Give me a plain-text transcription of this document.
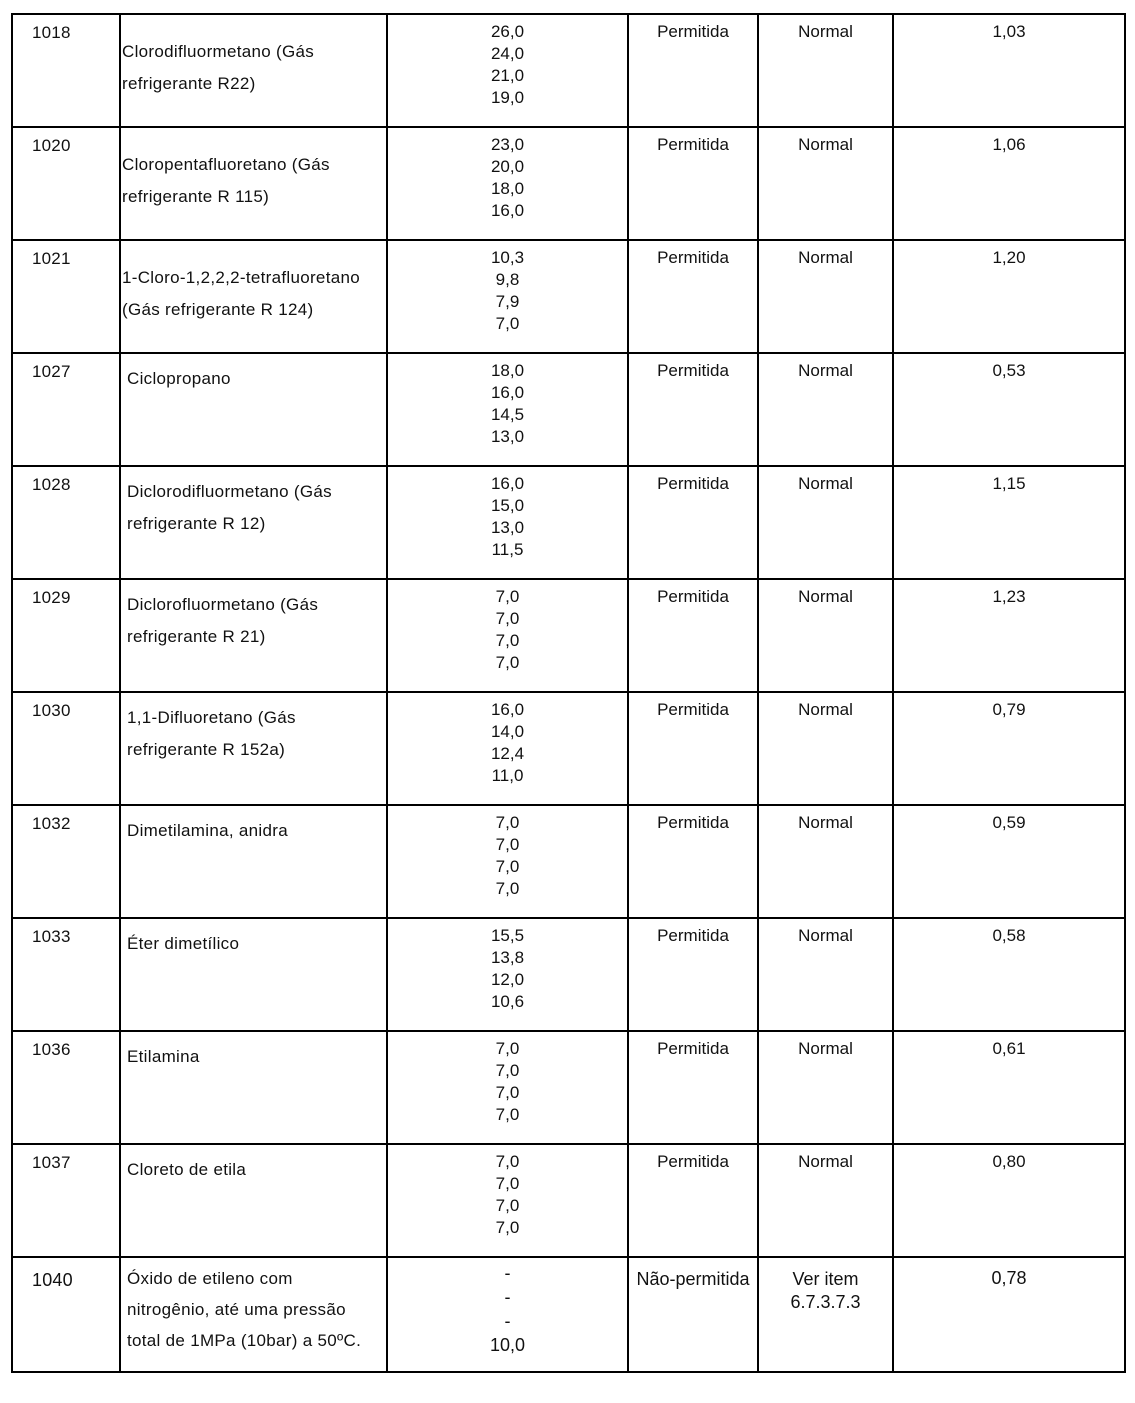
1018	Clorodifluormetano (Gás refrigerante R22)	26,0
24,0
21,0
19,0	Permitida	Normal	1,03

1020	Cloropentafluoretano (Gás refrigerante R 115)	23,0
20,0
18,0
16,0	Permitida	Normal	1,06

1021	1-Cloro-1,2,2,2-tetrafluoretano (Gás refrigerante R 124)	10,3
9,8
7,9
7,0	Permitida	Normal	1,20

1027	Ciclopropano	18,0
16,0
14,5
13,0	Permitida	Normal	0,53

1028	Diclorodifluormetano (Gás refrigerante R 12)	16,0
15,0
13,0
11,5	Permitida	Normal	1,15

1029	Diclorofluormetano (Gás refrigerante R 21)	7,0
7,0
7,0
7,0	Permitida	Normal	1,23

1030	1,1-Difluoretano (Gás refrigerante R 152a)	16,0
14,0
12,4
11,0	Permitida	Normal	0,79

1032	Dimetilamina, anidra	7,0
7,0
7,0
7,0	Permitida	Normal	0,59

1033	Éter dimetílico	15,5
13,8
12,0
10,6	Permitida	Normal	0,58

1036	Etilamina	7,0
7,0
7,0
7,0	Permitida	Normal	0,61

1037	Cloreto de etila	7,0
7,0
7,0
7,0	Permitida	Normal	0,80

1040	Óxido de etileno com nitrogênio, até uma pressão total de 1MPa (10bar) a 50ºC.	-
-
-
10,0	Não-permitida	Ver item 6.7.3.7.3	0,78
